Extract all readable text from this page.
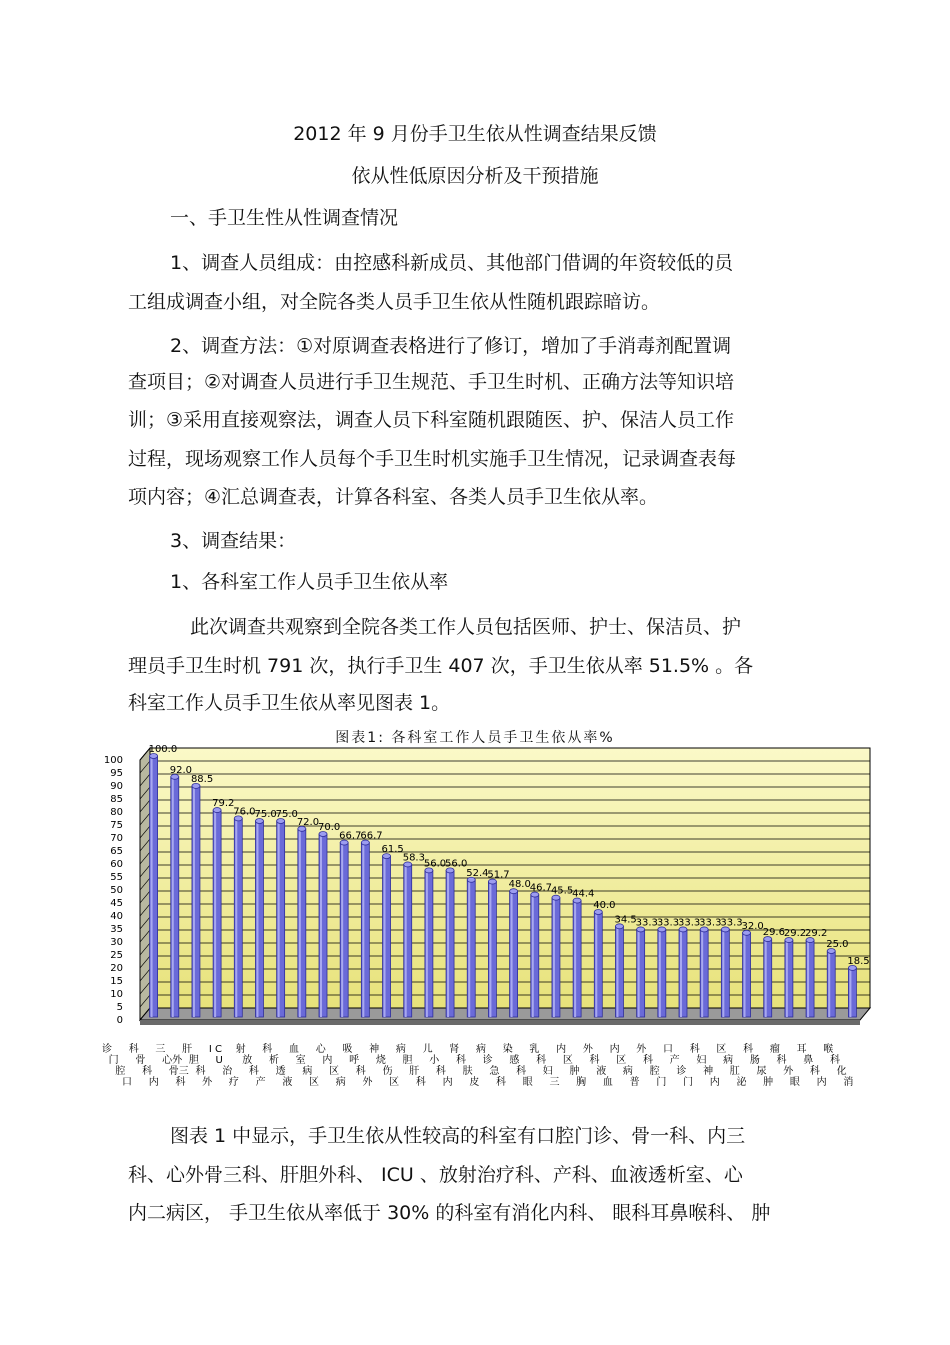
2012 年 9 月份手卫生依从性调查结果反馈
依从性低原因分析及干预措施
一、手卫生性从性调查情况
1、调查人员组成：由控感科新成员、其他部门借调的年资较低的员
工组成调查小组，对全院各类人员手卫生依从性随机跟踪暗访。
2、调查方法：①对原调查表格进行了修订，增加了手消毒剂配置调
查项目；②对调查人员进行手卫生规范、手卫生时机、正确方法等知识培
训；③采用直接观察法，调查人员下科室随机跟随医、护、保洁人员工作
过程，现场观察工作人员每个手卫生时机实施手卫生情况，记录调查表每
项内容；④汇总调查表，计算各科室、各类人员手卫生依从率。
3、调查结果：
1、各科室工作人员手卫生依从率
此次调查共观察到全院各类工作人员包括医师、护士、保洁员、护
理员手卫生时机 791 次，执行手卫生 407 次，手卫生依从率 51.5% 。各
科室工作人员手卫生依从率见图表 1。
图表1: 各科室工作人员手卫生依从率%
0
5
10
15
20
25
30
35
40
45
50
55
60
65
70
75
80
85
90
95
100
100.0
92.0
88.5
79.2
76.0
75.0
75.0
72.0
70.0
66.7
66.7
61.5
58.3
56.0
56.0
52.4
51.7
48.0
46.7
45.5
44.4
40.0
34.5
33.3
33.3
33.3
33.3
33.3
32.0
29.6
29.2
29.2
25.0
18.5
诊
门
腔
口
科
骨
科
内
三
心外
骨三
科
肝
胆
科
外
I C
U
治
疗
射
放
科
产
科
析
透
液
血
室
病
区
心
内
区
病
吸
呼
科
外
神
烧
伤
区
病
胆
肝
科
儿
小
科
内
肾
科
肤
皮
病
诊
急
科
染
感
科
眼
乳
科
妇
三
内
区
肿
胸
外
科
液
血
内
区
病
普
外
科
腔
门
口
产
诊
门
科
妇
神
内
区
病
肛
泌
科
肠
尿
肿
瘤
科
外
眼
耳
鼻
科
内
喉
科
化
消
图表 1 中显示，手卫生依从性较高的科室有口腔门诊、骨一科、内三
科、心外骨三科、肝胆外科、 ICU 、放射治疗科、产科、血液透析室、心
内二病区， 手卫生依从率低于 30% 的科室有消化内科、 眼科耳鼻喉科、 肿
